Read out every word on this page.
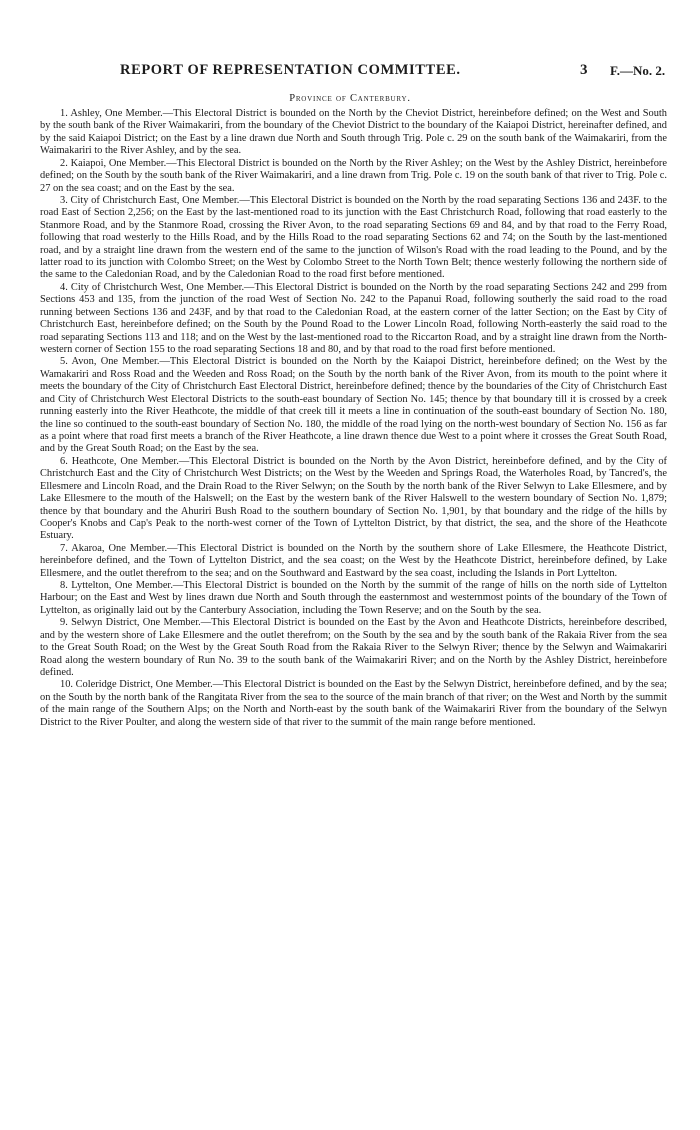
REPORT OF REPRESENTATION COMMITTEE.	3 F.—No. 2.
Province of Canterbury.

1. Ashley, One Member.—This Electoral District is bounded on the North by the Cheviot District, hereinbefore defined; on the West and South by the south bank of the River Waimakariri, from the boundary of the Cheviot District to the boundary of the Kaiapoi District, hereinafter defined, and by the said Kaiapoi District; on the East by a line drawn due North and South through Trig. Pole c. 29 on the south bank of the Waimakariri, from the Waimakariri to the River Ashley, and by the sea.

2. Kaiapoi, One Member.—This Electoral District is bounded on the North by the River Ashley; on the West by the Ashley District, hereinbefore defined; on the South by the south bank of the River Waimakariri, and a line drawn from Trig. Pole c. 19 on the south bank of that river to Trig. Pole c. 27 on the sea coast; and on the East by the sea.

3. City of Christchurch East, One Member.—This Electoral District is bounded on the North by the road separating Sections 136 and 243F. to the road East of Section 2,256; on the East by the last-mentioned road to its junction with the East Christchurch Road, following that road easterly to the Stanmore Road, and by the Stanmore Road, crossing the River Avon, to the road separating Sections 69 and 84, and by that road to the Ferry Road, following that road westerly to the Hills Road, and by the Hills Road to the road separating Sections 62 and 74; on the South by the last-mentioned road, and by a straight line drawn from the western end of the same to the junction of Wilson's Road with the road leading to the Pound, and by the latter road to its junction with Colombo Street; on the West by Colombo Street to the North Town Belt; thence westerly following the northern side of the same to the Caledonian Road, and by the Caledonian Road to the road first before mentioned.

4. City of Christchurch West, One Member.—This Electoral District is bounded on the North by the road separating Sections 242 and 299 from Sections 453 and 135, from the junction of the road West of Section No. 242 to the Papanui Road, following southerly the said road to the road running between Sections 136 and 243F, and by that road to the Caledonian Road, at the eastern corner of the latter Section; on the East by City of Christchurch East, hereinbefore defined; on the South by the Pound Road to the Lower Lincoln Road, following North-easterly the said road to the road separating Sections 113 and 118; and on the West by the last-mentioned road to the Riccarton Road, and by a straight line drawn from the North-western corner of Section 155 to the road separating Sections 18 and 80, and by that road to the road first before mentioned.

5. Avon, One Member.—This Electoral District is bounded on the North by the Kaiapoi District, hereinbefore defined; on the West by the Wamakariri and Ross Road and the Weeden and Ross Road; on the South by the north bank of the River Avon, from its mouth to the point where it meets the boundary of the City of Christchurch East Electoral District, hereinbefore defined; thence by the boundaries of the City of Christchurch East and City of Christchurch West Electoral Districts to the south-east boundary of Section No. 145; thence by that boundary till it is crossed by a creek running easterly into the River Heathcote, the middle of that creek till it meets a line in continuation of the south-east boundary of Section No. 180, the line so continued to the south-east boundary of Section No. 180, the middle of the road lying on the north-west boundary of Section No. 156 as far as a point where that road first meets a branch of the River Heathcote, a line drawn thence due West to a point where it crosses the Great South Road, and by the Great South Road; on the East by the sea.

6. Heathcote, One Member.—This Electoral District is bounded on the North by the Avon District, hereinbefore defined, and by the City of Christchurch East and the City of Christchurch West Districts; on the West by the Weeden and Springs Road, the Waterholes Road, by Tancred's, the Ellesmere and Lincoln Road, and the Drain Road to the River Selwyn; on the South by the north bank of the River Selwyn to Lake Ellesmere, and by Lake Ellesmere to the mouth of the Halswell; on the East by the western bank of the River Halswell to the western boundary of Section No. 1,879; thence by that boundary and the Ahuriri Bush Road to the southern boundary of Section No. 1,901, by that boundary and the ridge of the hills by Cooper's Knobs and Cap's Peak to the north-west corner of the Town of Lyttelton District, by that district, the sea, and the shore of the Heathcote Estuary.

7. Akaroa, One Member.—This Electoral District is bounded on the North by the southern shore of Lake Ellesmere, the Heathcote District, hereinbefore defined, and the Town of Lyttelton District, and the sea coast; on the West by the Heathcote District, hereinbefore defined, by Lake Ellesmere, and the outlet therefrom to the sea; and on the Southward and Eastward by the sea coast, including the Islands in Port Lyttelton.

8. Lyttelton, One Member.—This Electoral District is bounded on the North by the summit of the range of hills on the north side of Lyttelton Harbour; on the East and West by lines drawn due North and South through the easternmost and westernmost points of the boundary of the Town of Lyttelton, as originally laid out by the Canterbury Association, including the Town Reserve; and on the South by the sea.

9. Selwyn District, One Member.—This Electoral District is bounded on the East by the Avon and Heathcote Districts, hereinbefore described, and by the western shore of Lake Ellesmere and the outlet therefrom; on the South by the sea and by the south bank of the Rakaia River from the sea to the Great South Road; on the West by the Great South Road from the Rakaia River to the Selwyn River; thence by the Selwyn and Waimakariri Road along the western boundary of Run No. 39 to the south bank of the Waimakariri River; and on the North by the Ashley District, hereinbefore defined.

10. Coleridge District, One Member.—This Electoral District is bounded on the East by the Selwyn District, hereinbefore defined, and by the sea; on the South by the north bank of the Rangitata River from the sea to the source of the main branch of that river; on the West and North by the summit of the main range of the Southern Alps; on the North and North-east by the south bank of the Waimakariri River from the boundary of the Selwyn District to the River Poulter, and along the western side of that river to the summit of the main range before mentioned.
